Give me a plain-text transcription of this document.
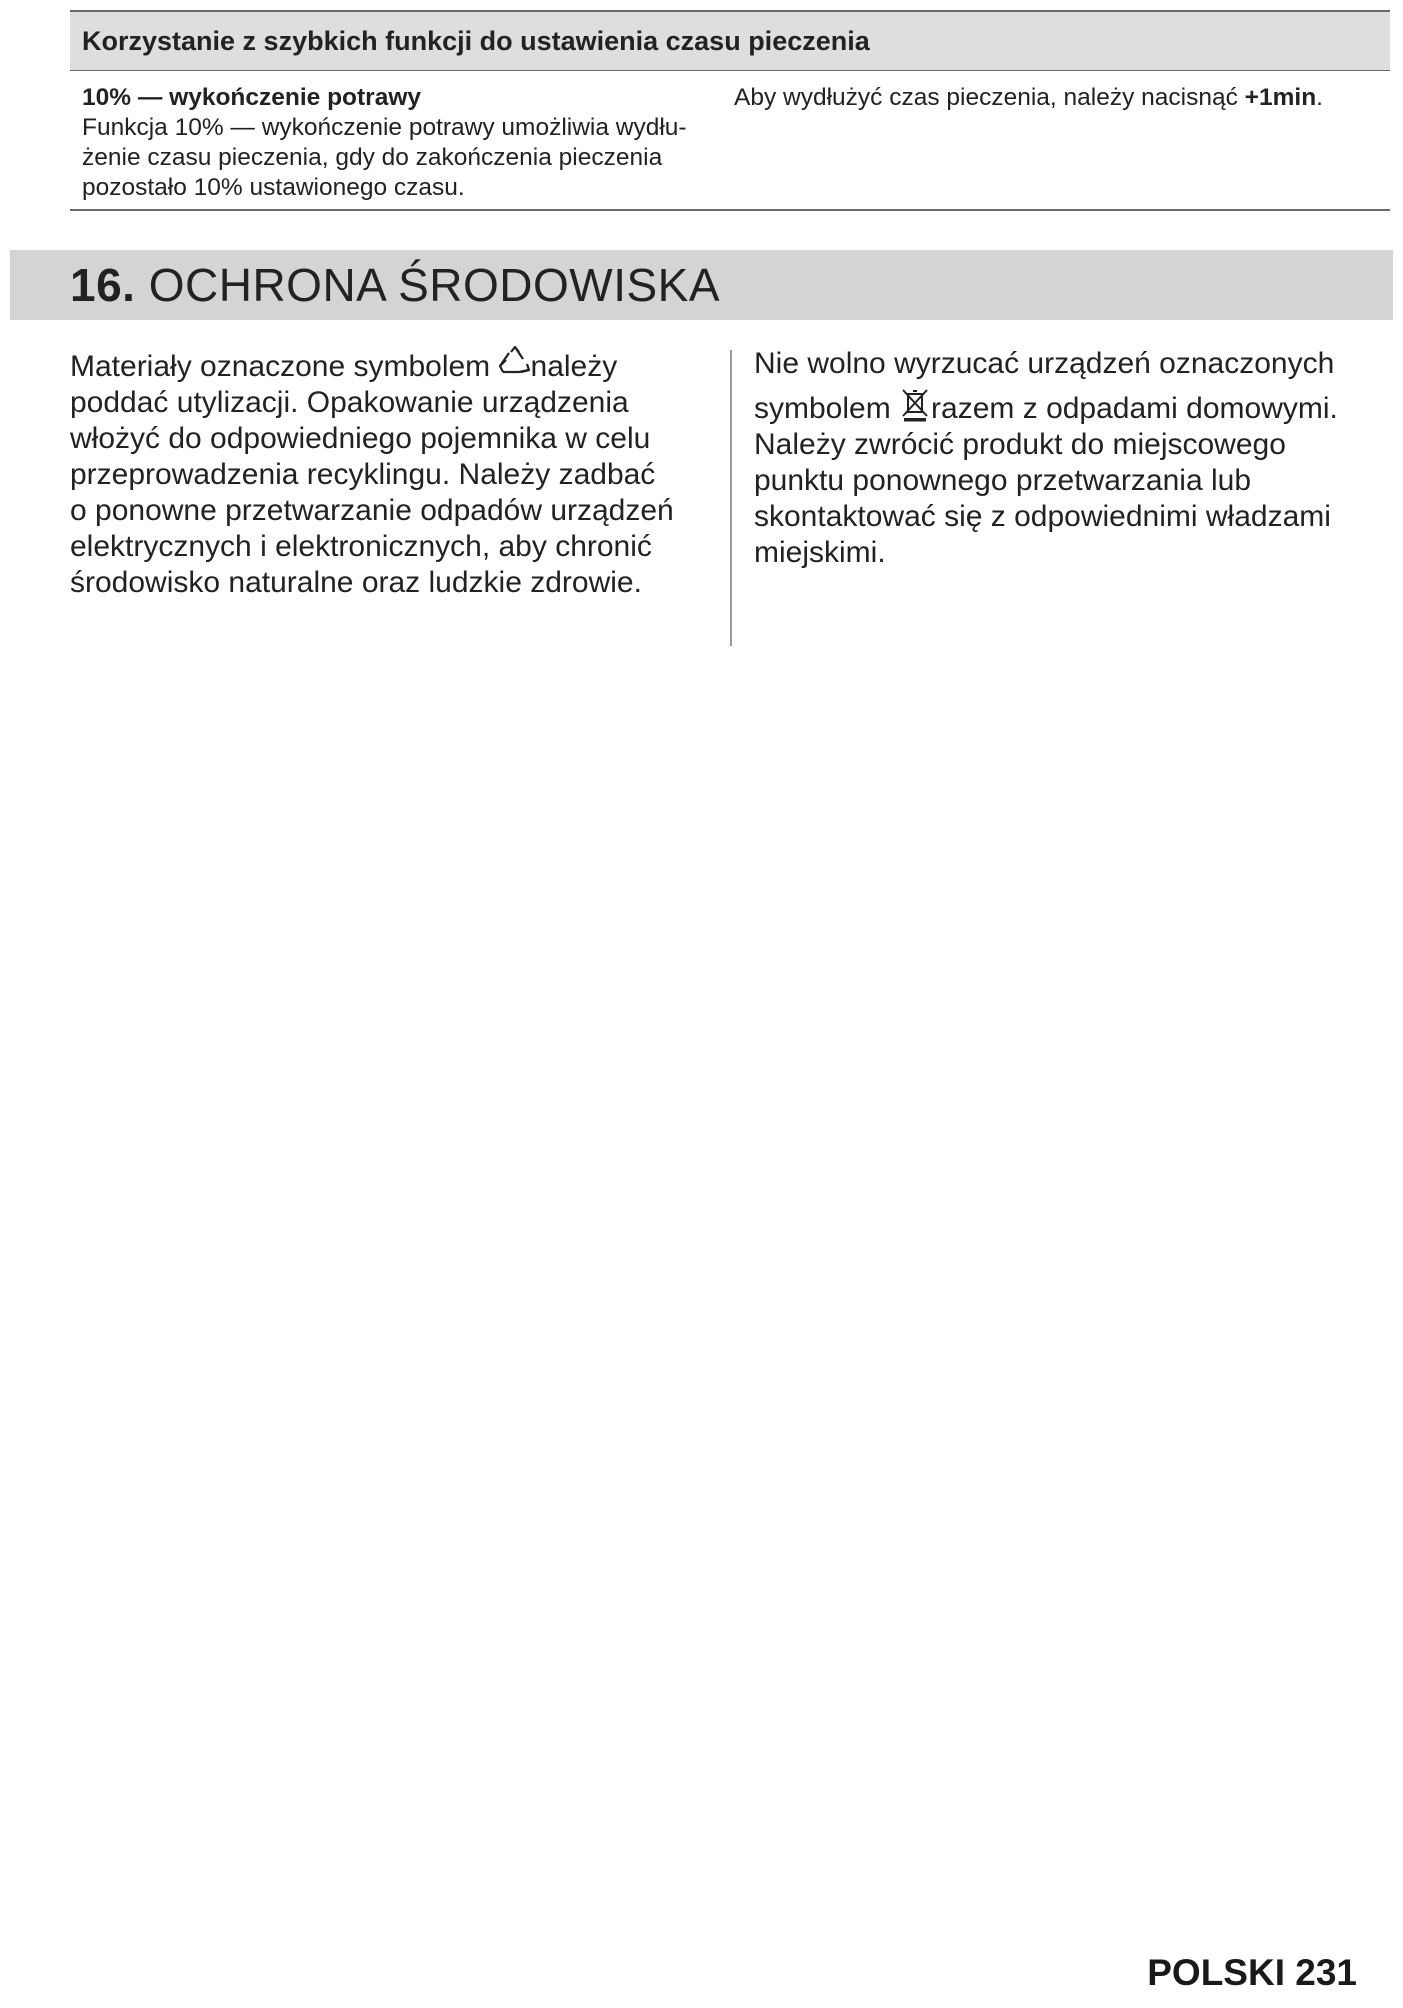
Korzystanie z szybkich funkcji do ustawienia czasu pieczenia
10% — wykończenie potrawy
Funkcja 10% — wykończenie potrawy umożliwia wydłu-
żenie czasu pieczenia, gdy do zakończenia pieczenia
pozostało 10% ustawionego czasu.
Aby wydłużyć czas pieczenia, należy nacisnąć +1min.
16. OCHRONA ŚRODOWISKA
Materiały oznaczone symbolem należy
poddać utylizacji. Opakowanie urządzenia
włożyć do odpowiedniego pojemnika w celu
przeprowadzenia recyklingu. Należy zadbać
o ponowne przetwarzanie odpadów urządzeń
elektrycznych i elektronicznych, aby chronić
środowisko naturalne oraz ludzkie zdrowie.
Nie wolno wyrzucać urządzeń oznaczonych
symbolem razem z odpadami domowymi.
Należy zwrócić produkt do miejscowego
punktu ponownego przetwarzania lub
skontaktować się z odpowiednimi władzami
miejskimi.
POLSKI 231
